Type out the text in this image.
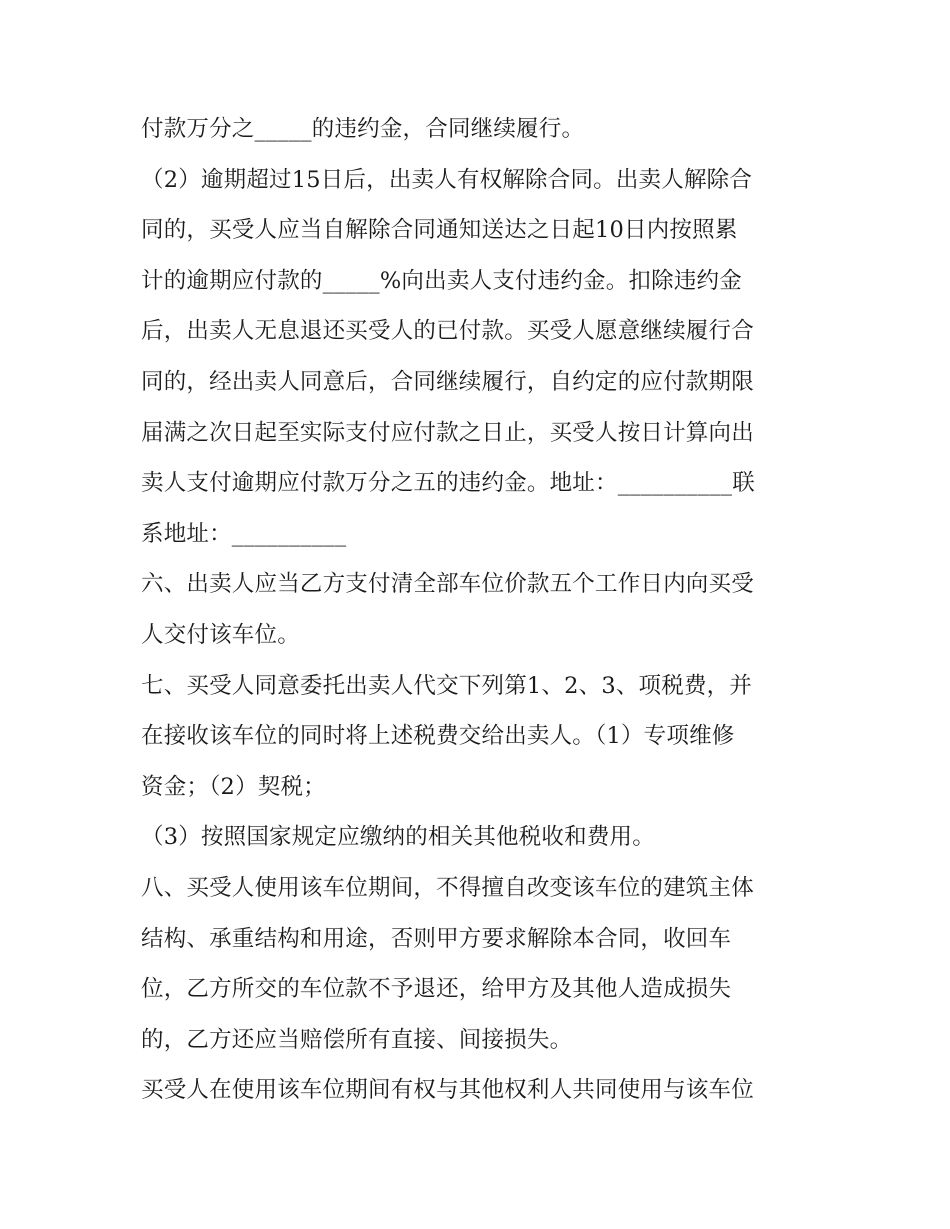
付款万分之_____的违约金，合同继续履行。
（2）逾期超过15日后，出卖人有权解除合同。出卖人解除合
同的，买受人应当自解除合同通知送达之日起10日内按照累
计的逾期应付款的_____%向出卖人支付违约金。扣除违约金
后，出卖人无息退还买受人的已付款。买受人愿意继续履行合
同的，经出卖人同意后，合同继续履行，自约定的应付款期限
届满之次日起至实际支付应付款之日止，买受人按日计算向出
卖人支付逾期应付款万分之五的违约金。地址：__________联
系地址：__________
六、出卖人应当乙方支付清全部车位价款五个工作日内向买受
人交付该车位。
七、买受人同意委托出卖人代交下列第1、2、3、项税费，并
在接收该车位的同时将上述税费交给出卖人。（1）专项维修
资金；（2）契税；
（3）按照国家规定应缴纳的相关其他税收和费用。
八、买受人使用该车位期间，不得擅自改变该车位的建筑主体
结构、承重结构和用途，否则甲方要求解除本合同，收回车
位，乙方所交的车位款不予退还，给甲方及其他人造成损失
的，乙方还应当赔偿所有直接、间接损失。
买受人在使用该车位期间有权与其他权利人共同使用与该车位
